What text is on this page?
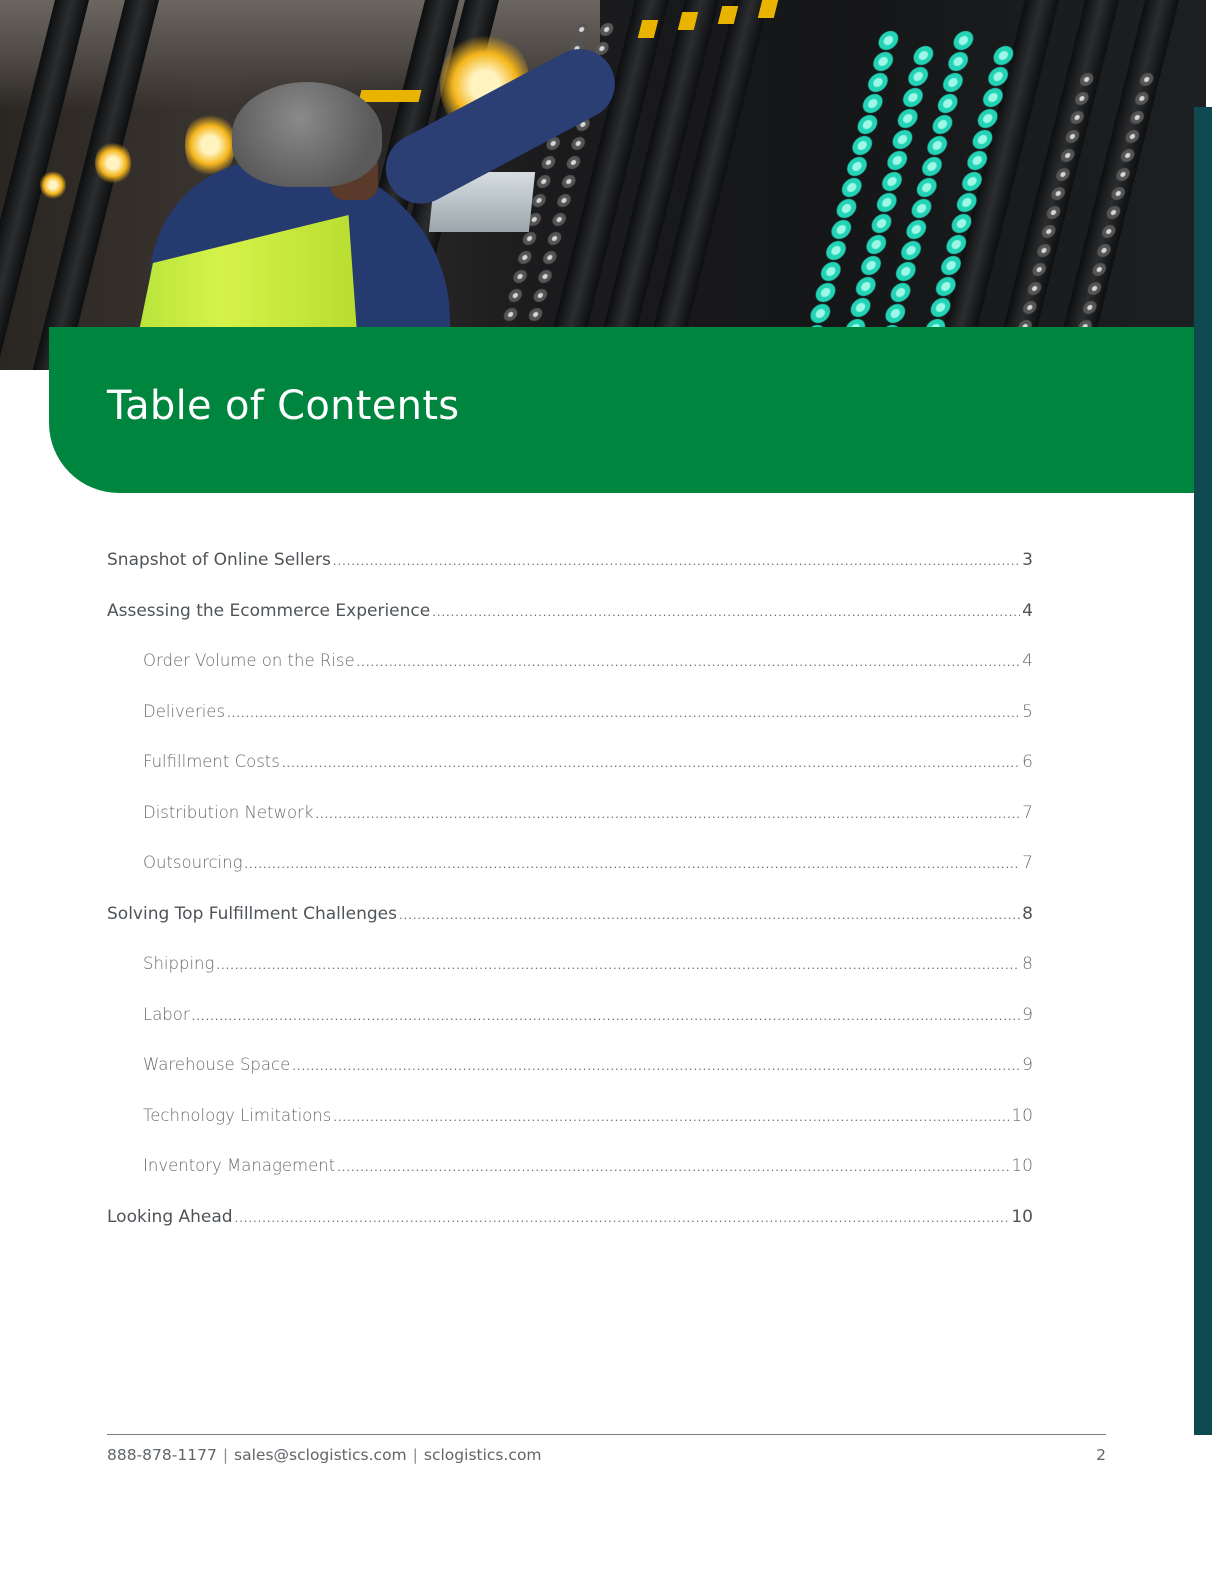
Table of Contents
Snapshot of Online Sellers .....	3
Assessing the Ecommerce Experience .....	4
Order Volume on the Rise .....	4
Deliveries .....	5
Fulfillment Costs .....	6
Distribution Network .....	7
Outsourcing .....	7
Solving Top Fulfillment Challenges .....	8
Shipping .....	8
Labor .....	9
Warehouse Space .....	9
Technology Limitations .....	10
Inventory Management .....	10
Looking Ahead .....	10
888-878-1177 | sales@sclogistics.com | sclogistics.com	2
